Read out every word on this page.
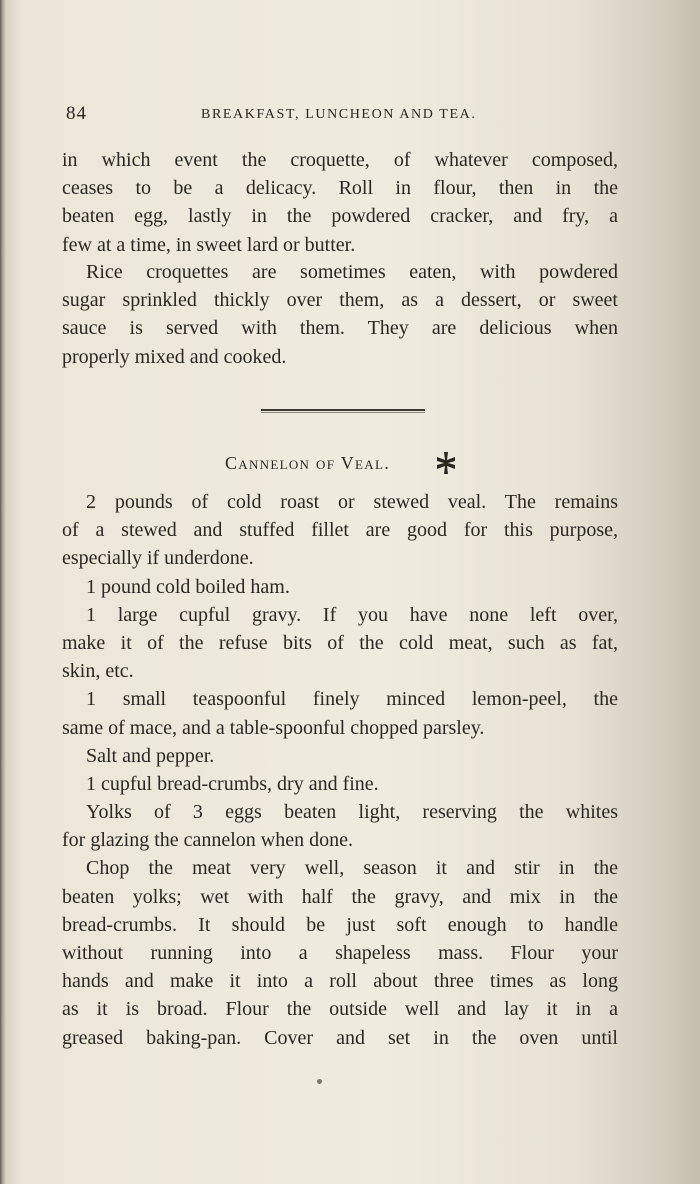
84	BREAKFAST, LUNCHEON AND TEA.
in which event the croquette, of whatever composed,
ceases to be a delicacy. Roll in flour, then in the
beaten egg, lastly in the powdered cracker, and fry, a
few at a time, in sweet lard or butter.
Rice croquettes are sometimes eaten, with powdered
sugar sprinkled thickly over them, as a dessert, or sweet
sauce is served with them. They are delicious when
properly mixed and cooked.
Cannelon of Veal.
2 pounds of cold roast or stewed veal. The remains
of a stewed and stuffed fillet are good for this purpose,
especially if underdone.
1 pound cold boiled ham.
1 large cupful gravy. If you have none left over,
make it of the refuse bits of the cold meat, such as fat,
skin, etc.
1 small teaspoonful finely minced lemon-peel, the
same of mace, and a table-spoonful chopped parsley.
Salt and pepper.
1 cupful bread-crumbs, dry and fine.
Yolks of 3 eggs beaten light, reserving the whites
for glazing the cannelon when done.
Chop the meat very well, season it and stir in the
beaten yolks; wet with half the gravy, and mix in the
bread-crumbs. It should be just soft enough to handle
without running into a shapeless mass. Flour your
hands and make it into a roll about three times as long
as it is broad. Flour the outside well and lay it in a
greased baking-pan. Cover and set in the oven until
